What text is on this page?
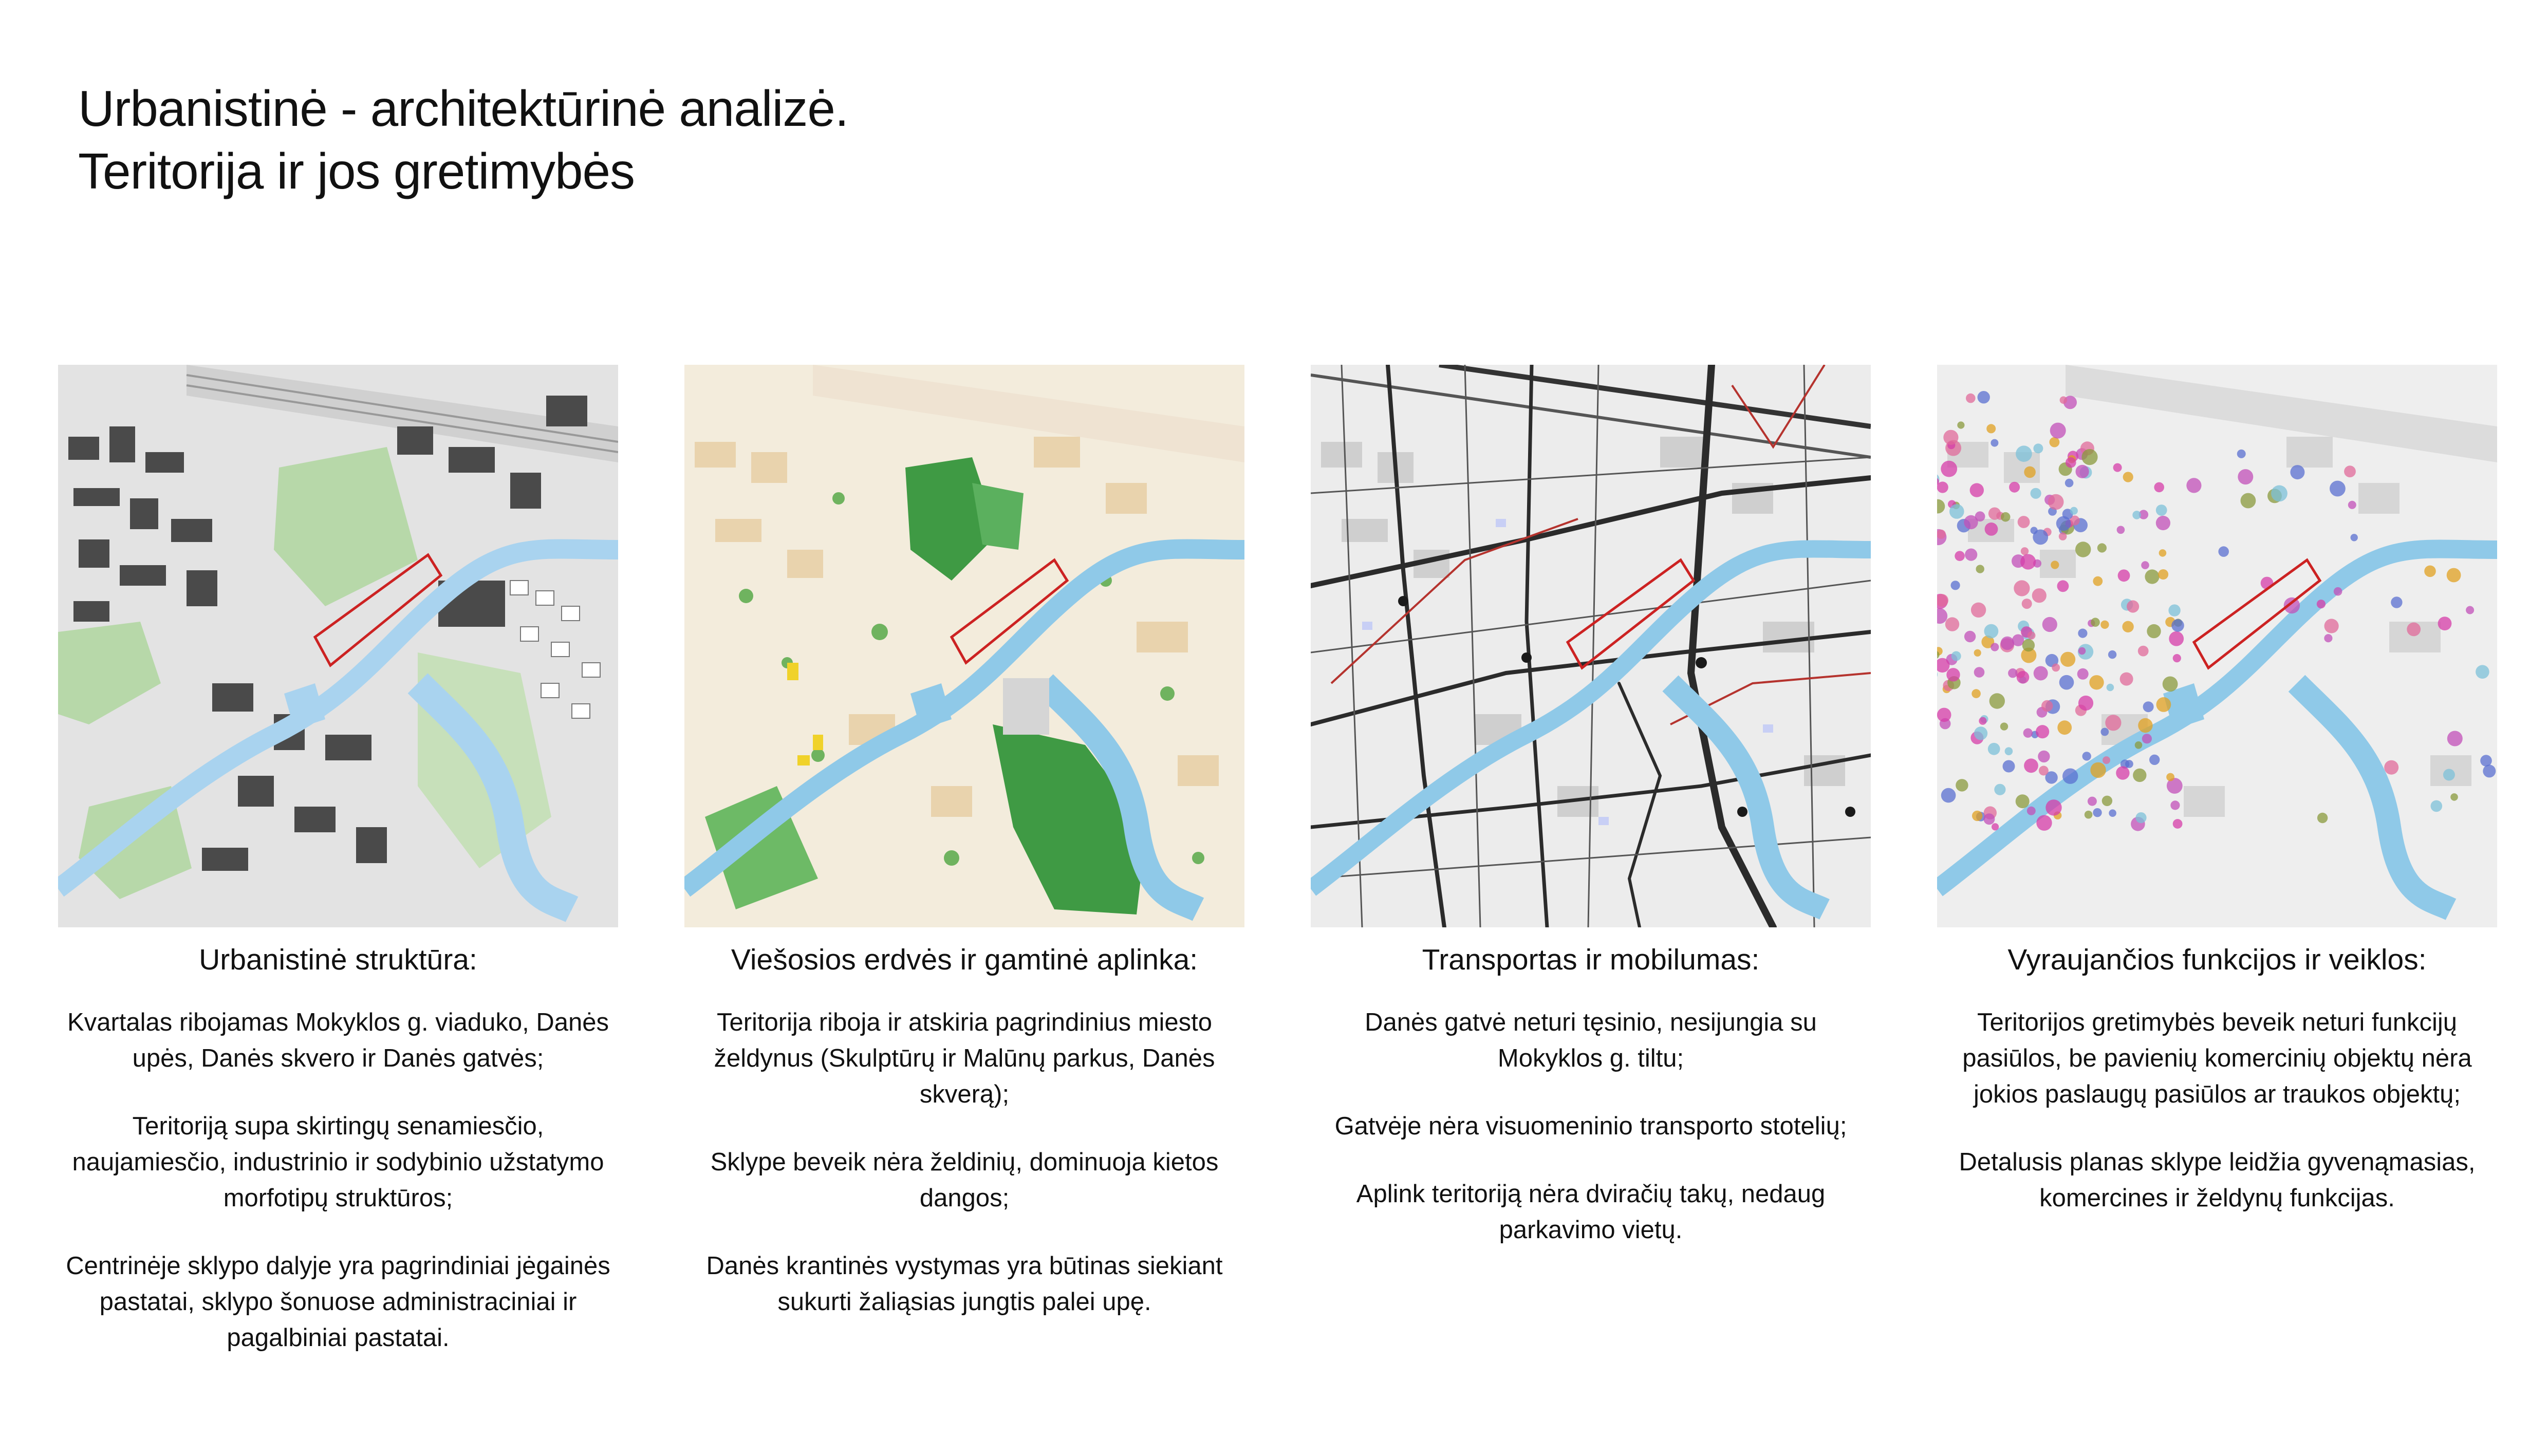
Urbanistinė - architektūrinė analizė.
Teritorija ir jos gretimybės

Urbanistinė struktūra:

Kvartalas ribojamas Mokyklos g. viaduko, Danės upės, Danės skvero ir Danės gatvės;

Teritoriją supa skirtingų senamiesčio, naujamiesčio, industrinio ir sodybinio užstatymo morfotipų struktūros;

Centrinėje sklypo dalyje yra pagrindiniai jėgainės pastatai, sklypo šonuose administraciniai ir pagalbiniai pastatai.

Viešosios erdvės ir gamtinė aplinka:

Teritorija riboja ir atskiria pagrindinius miesto želdynus (Skulptūrų ir Malūnų parkus, Danės skverą);

Sklype beveik nėra želdinių, dominuoja kietos dangos;

Danės krantinės vystymas yra būtinas siekiant sukurti žaliąsias jungtis palei upę.

Transportas ir mobilumas:

Danės gatvė neturi tęsinio, nesijungia su Mokyklos g. tiltu;

Gatvėje nėra visuomeninio transporto stotelių;

Aplink teritoriją nėra dviračių takų, nedaug parkavimo vietų.

Vyraujančios funkcijos ir veiklos:

Teritorijos gretimybės beveik neturi funkcijų pasiūlos, be pavienių komercinių objektų nėra jokios paslaugų pasiūlos ar traukos objektų;

Detalusis planas sklype leidžia gyvenąmasias, komercines ir želdynų funkcijas.
